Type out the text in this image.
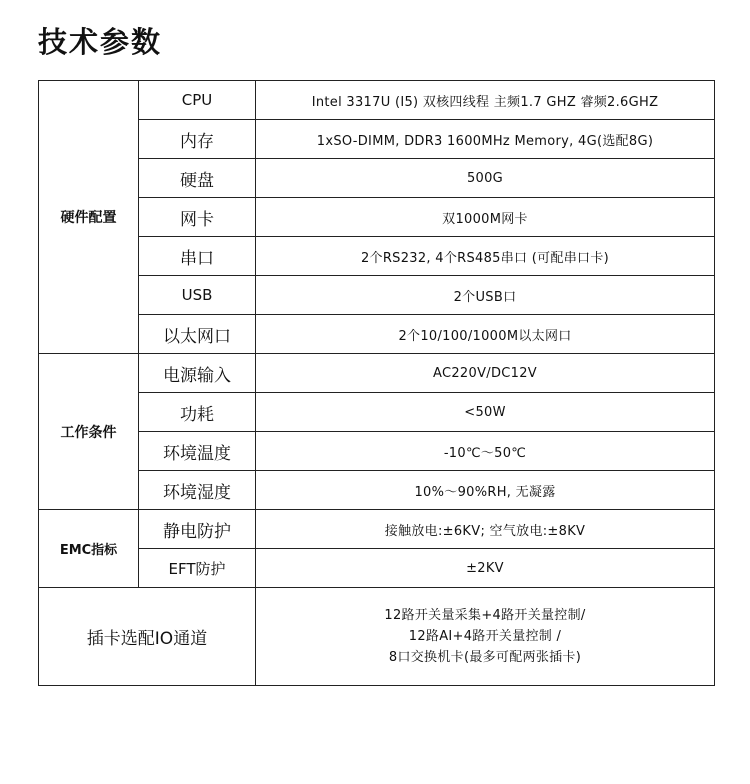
技术参数
硬件配置	CPU	Intel 3317U (I5) 双核四线程 主频1.7 GHZ 睿频2.6GHZ
	内存	1xSO-DIMM, DDR3 1600MHz Memory, 4G(选配8G)
	硬盘	500G
	网卡	双1000M网卡
	串口	2个RS232, 4个RS485串口 (可配串口卡)
	USB	2个USB口
	以太网口	2个10/100/1000M以太网口
工作条件	电源输入	AC220V/DC12V
	功耗	<50W
	环境温度	-10℃～50℃
	环境湿度	10%～90%RH, 无凝露
EMC指标	静电防护	接触放电:±6KV; 空气放电:±8KV
	EFT防护	±2KV
插卡选配IO通道		12路开关量采集+4路开关量控制/
12路AI+4路开关量控制 /
8口交换机卡(最多可配两张插卡)
